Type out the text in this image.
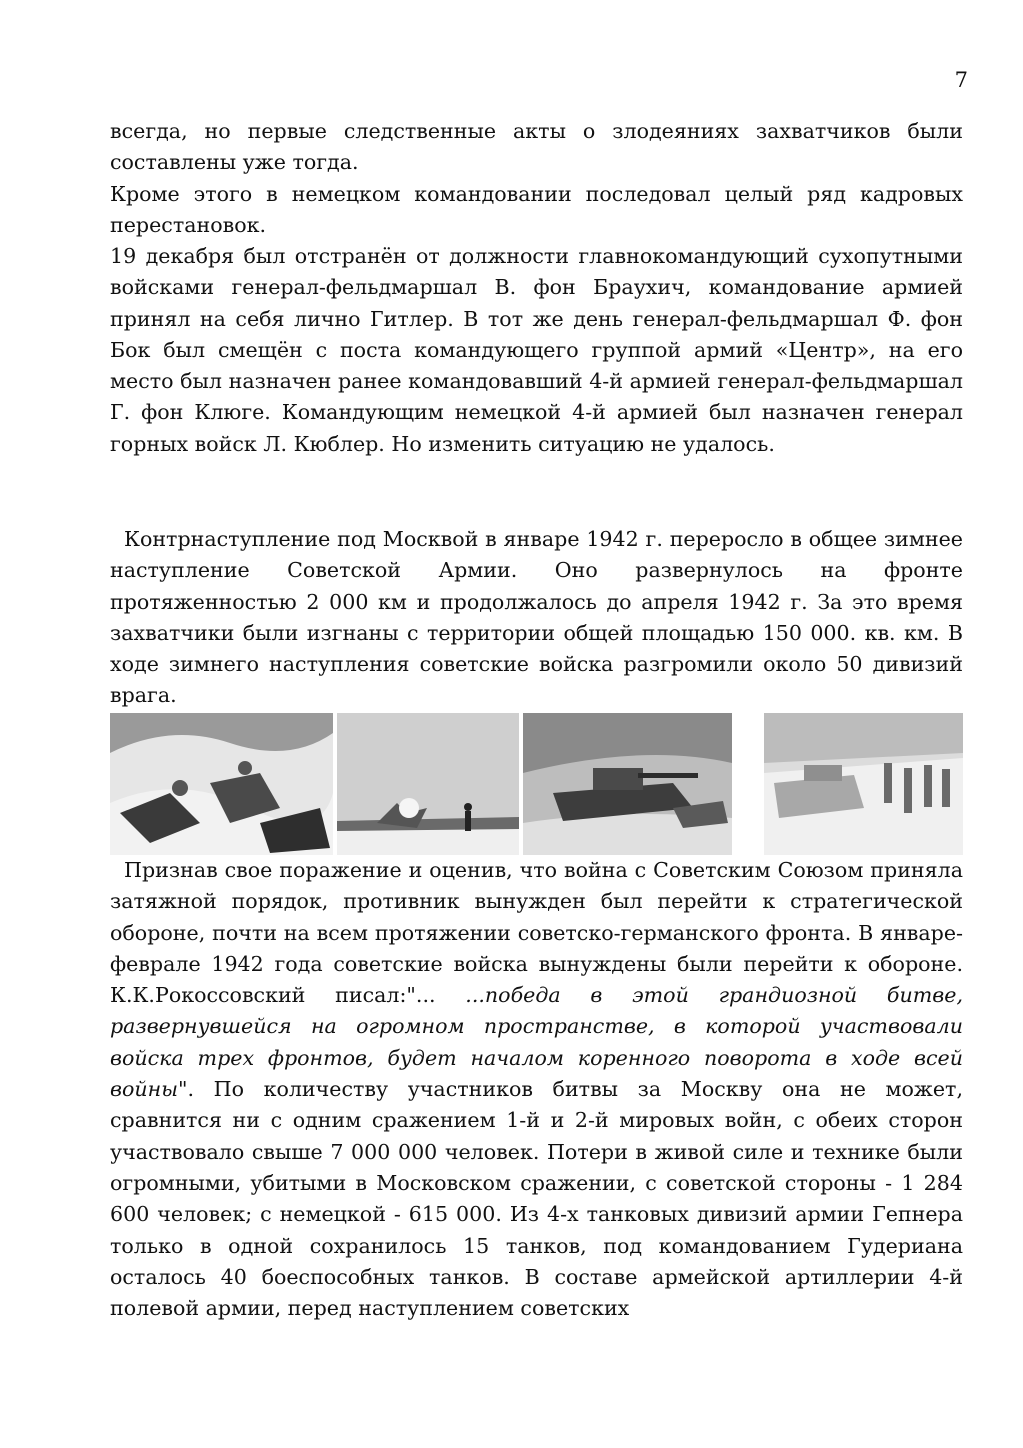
7

всегда, но первые следственные акты о злодеяниях захватчиков были составлены уже тогда.

Кроме этого в немецком командовании последовал целый ряд кадровых перестановок.

19 декабря был отстранён от должности главнокомандующий сухопутными войсками генерал-фельдмаршал В. фон Браухич, командование армией принял на себя лично Гитлер. В тот же день генерал-фельдмаршал Ф. фон Бок был смещён с поста командующего группой армий «Центр», на его место был назначен ранее командовавший 4-й армией генерал-фельдмаршал Г. фон Клюге. Командующим немецкой 4-й армией был назначен генерал горных войск Л. Кюблер. Но изменить ситуацию не удалось.

Контрнаступление под Москвой в январе 1942 г. переросло в общее зимнее наступление Советской Армии. Оно развернулось на фронте протяженностью 2 000 км и продолжалось до апреля 1942 г. За это время захватчики были изгнаны с территории общей площадью 150 000. кв. км. В ходе зимнего наступления советские войска разгромили около 50 дивизий врага.

Признав свое поражение и оценив, что война с Советским Союзом приняла затяжной порядок, противник вынужден был перейти к стратегической обороне, почти на всем протяжении советско-германского фронта. В январе-феврале 1942 года советские войска вынуждены были перейти к обороне. К.К.Рокоссовский писал:"... ...победа в этой грандиозной битве, развернувшейся на огромном пространстве, в которой участвовали войска трех фронтов, будет началом коренного поворота в ходе всей войны". По количеству участников битвы за Москву она не может, сравнится ни с одним сражением 1-й и 2-й мировых войн, с обеих сторон участвовало свыше 7 000 000 человек. Потери в живой силе и технике были огромными, убитыми в Московском сражении, с советской стороны - 1 284 600 человек; с немецкой - 615 000. Из 4-х танковых дивизий армии Гепнера только в одной сохранилось 15 танков, под командованием Гудериана осталось 40 боеспособных танков. В составе армейской артиллерии 4-й полевой армии, перед наступлением советских
